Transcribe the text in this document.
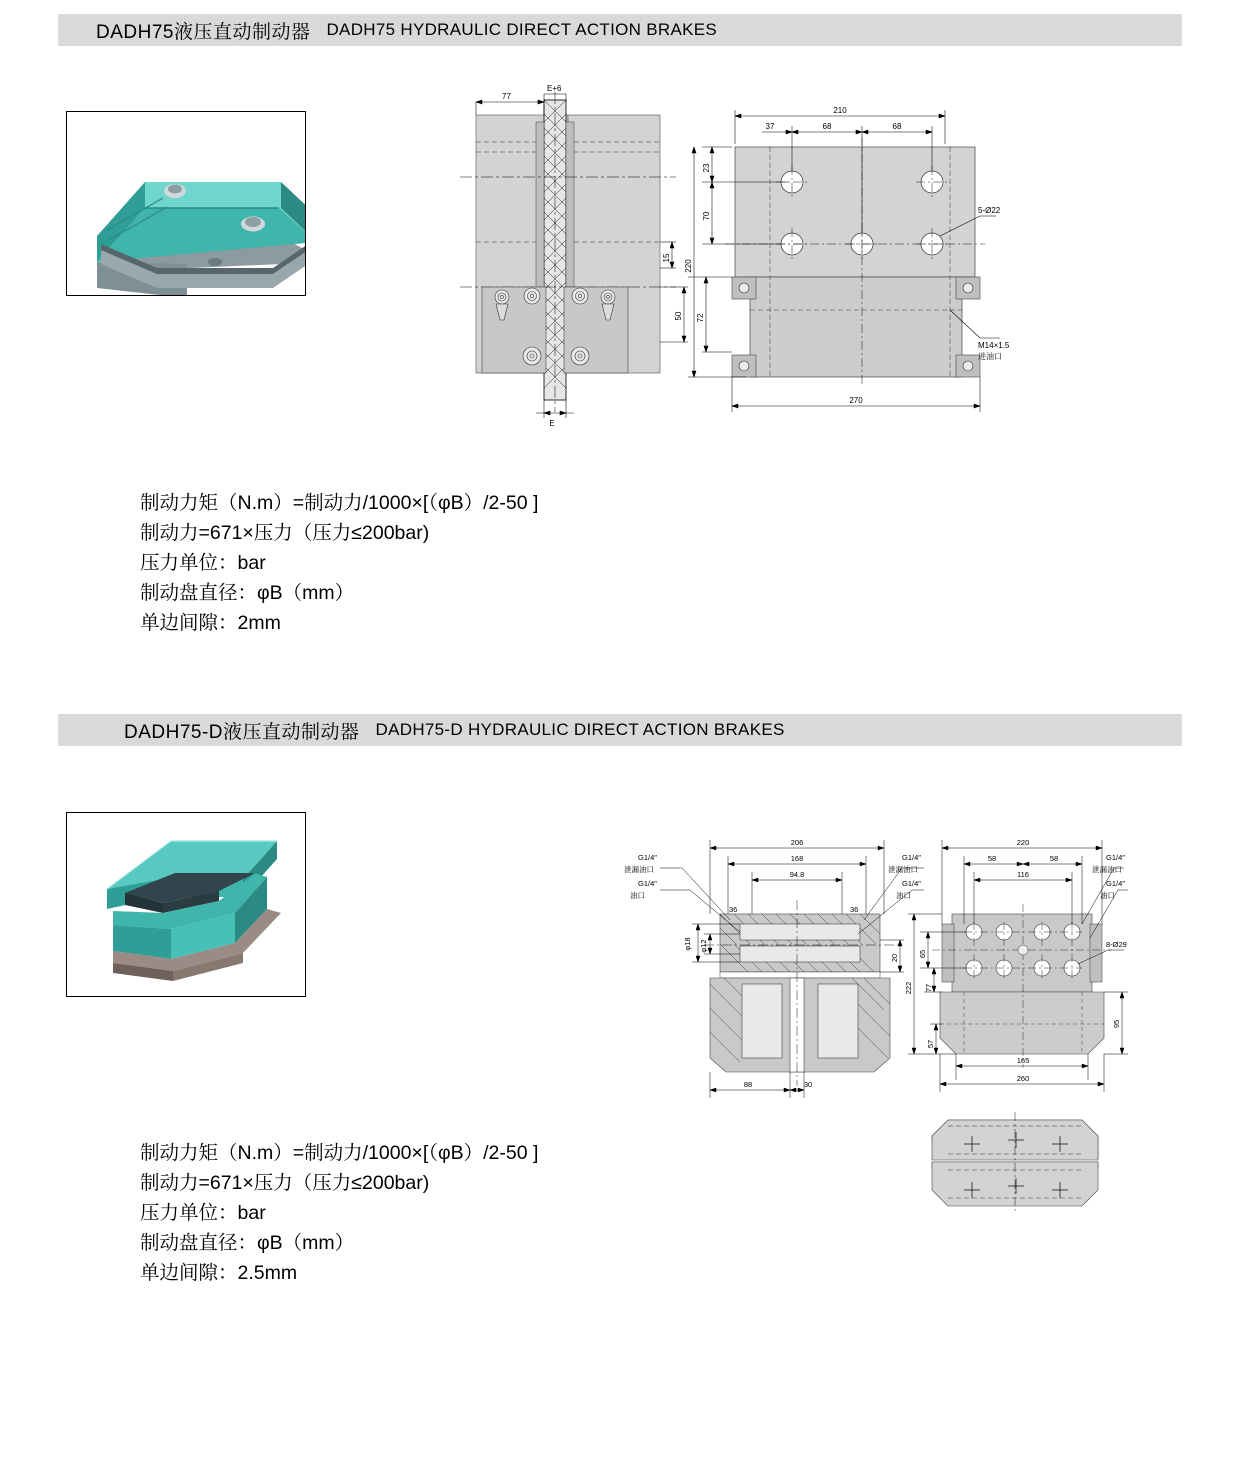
DADH75液压直动制动器 DADH75 HYDRAULIC DIRECT ACTION BRAKES
77
E+6
E
15
50
210
37	68	68
23
70
220
72
270
5-Ø22
M14×1.5
进油口
制动力矩（N.m）=制动力/1000×[（φB）/2-50 ]
制动力=671×压力（压力≤200bar)
压力单位：bar
制动盘直径：φB（mm）
单边间隙：2mm
DADH75-D液压直动制动器 DADH75-D HYDRAULIC DIRECT ACTION BRAKES
G1/4″
泄漏油口
G1/4″
油口
G1/4″
泄漏油口
G1/4″
油口
206
168
94.8
36	36
20
φ18 φ12
88	30
G1/4″
泄漏油口
G1/4″
油口
220
58	58
116
65
222 77
57
95
165
260
8-Ø29
制动力矩（N.m）=制动力/1000×[（φB）/2-50 ]
制动力=671×压力（压力≤200bar)
压力单位：bar
制动盘直径：φB（mm）
单边间隙：2.5mm
